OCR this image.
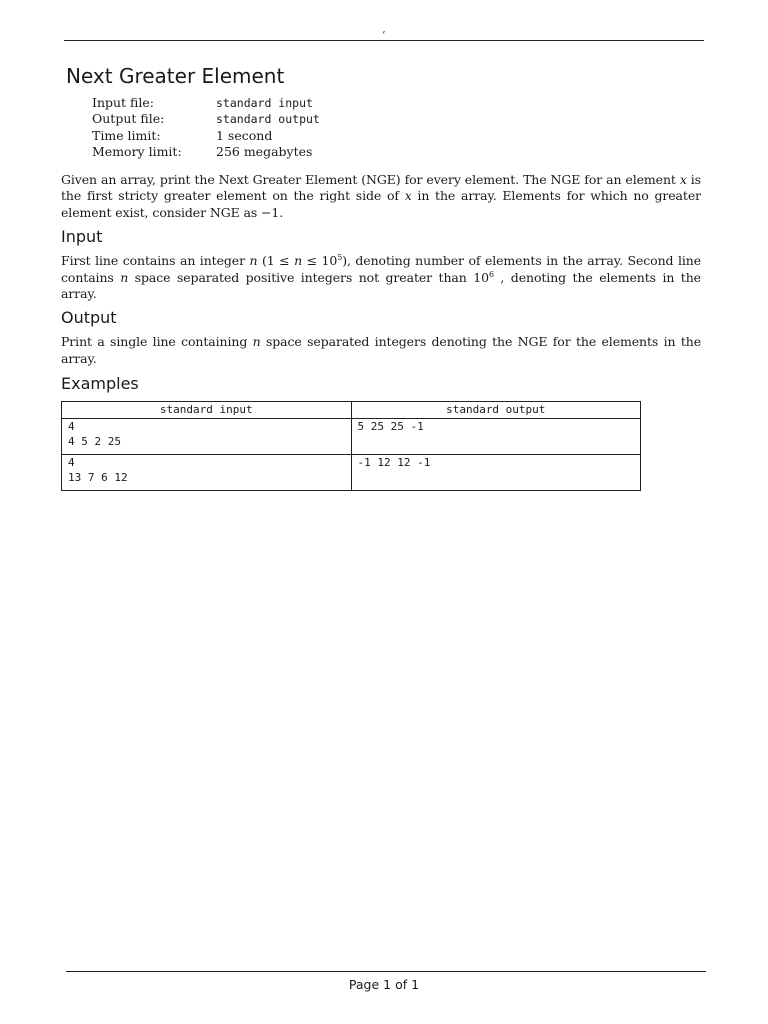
,
Next Greater Element
Input file:	standard input
Output file:	standard output
Time limit:	1 second
Memory limit:	256 megabytes

Given an array, print the Next Greater Element (NGE) for every element. The NGE for an element x is the first stricty greater element on the right side of x in the array. Elements for which no greater element exist, consider NGE as −1.

Input

First line contains an integer n $(1 \le n \le 10^5)$, denoting number of elements in the array. Second line contains n space separated positive integers not greater than $10^6$ , denoting the elements in the array.

Output

Print a single line containing n space separated integers denoting the NGE for the elements in the array.

Examples
standard input	standard output
4
4 5 2 25	5 25 25 -1
4
13 7 6 12	-1 12 12 -1
Page 1 of 1
